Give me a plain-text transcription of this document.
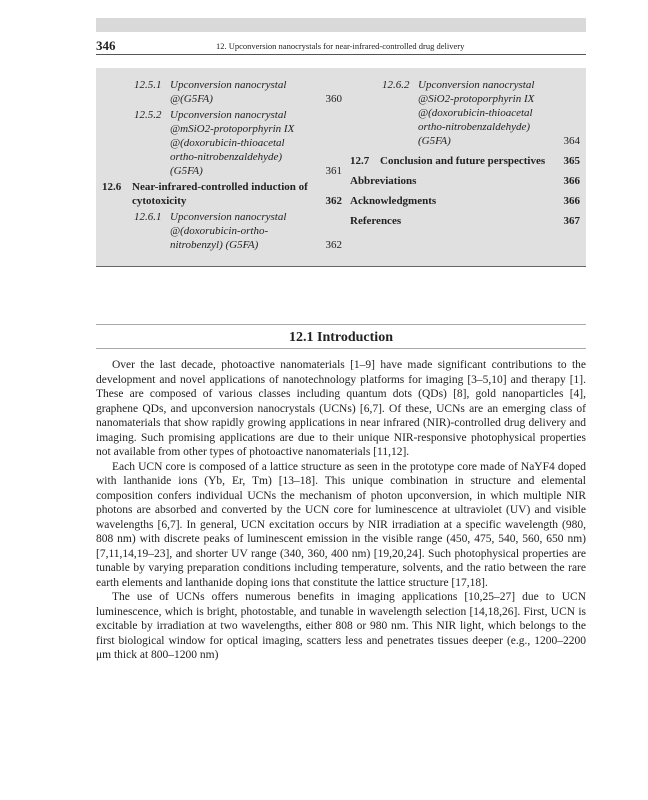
346	12. Upconversion nanocrystals for near-infrared-controlled drug delivery
12.5.1 Upconversion nanocrystal @(G5FA)	360
12.5.2 Upconversion nanocrystal @mSiO2-protoporphyrin IX @(doxorubicin-thioacetal ortho-nitrobenzaldehyde) (G5FA)	361
12.6 Near-infrared-controlled induction of cytotoxicity	362
12.6.1 Upconversion nanocrystal @(doxorubicin-ortho-nitrobenzyl) (G5FA)	362
12.6.2 Upconversion nanocrystal @SiO2-protoporphyrin IX @(doxorubicin-thioacetal ortho-nitrobenzaldehyde) (G5FA)	364
12.7 Conclusion and future perspectives	365
Abbreviations	366
Acknowledgments	366
References	367
12.1 Introduction

Over the last decade, photoactive nanomaterials [1–9] have made significant contributions to the development and novel applications of nanotechnology platforms for imaging [3–5,10] and therapy [1]. These are composed of various classes including quantum dots (QDs) [8], gold nanoparticles [4], graphene QDs, and upconversion nanocrystals (UCNs) [6,7]. Of these, UCNs are an emerging class of nanomaterials that show rapidly growing applications in near infrared (NIR)-controlled drug delivery and imaging. Such promising applications are due to their unique NIR-responsive photophysical properties not available from other types of photoactive nanomaterials [11,12].

Each UCN core is composed of a lattice structure as seen in the prototype core made of NaYF4 doped with lanthanide ions (Yb, Er, Tm) [13–18]. This unique combination in structure and elemental composition confers individual UCNs the mechanism of photon upconversion, in which multiple NIR photons are absorbed and converted by the UCN core for luminescence at ultraviolet (UV) and visible wavelengths [6,7]. In general, UCN excitation occurs by NIR irradiation at a specific wavelength (980, 808 nm) with discrete peaks of luminescent emission in the visible range (450, 475, 540, 560, 650 nm) [7,11,14,19–23], and shorter UV range (340, 360, 400 nm) [19,20,24]. Such photophysical properties are tunable by varying preparation conditions including temperature, solvents, and the ratio between the rare earth elements and lanthanide doping ions that constitute the lattice structure [17,18].

The use of UCNs offers numerous benefits in imaging applications [10,25–27] due to UCN luminescence, which is bright, photostable, and tunable in wavelength selection [14,18,26]. First, UCN is excitable by irradiation at two wavelengths, either 808 or 980 nm. This NIR light, which belongs to the first biological window for optical imaging, scatters less and penetrates tissues deeper (e.g., 1200–2200 μm thick at 800–1200 nm)
